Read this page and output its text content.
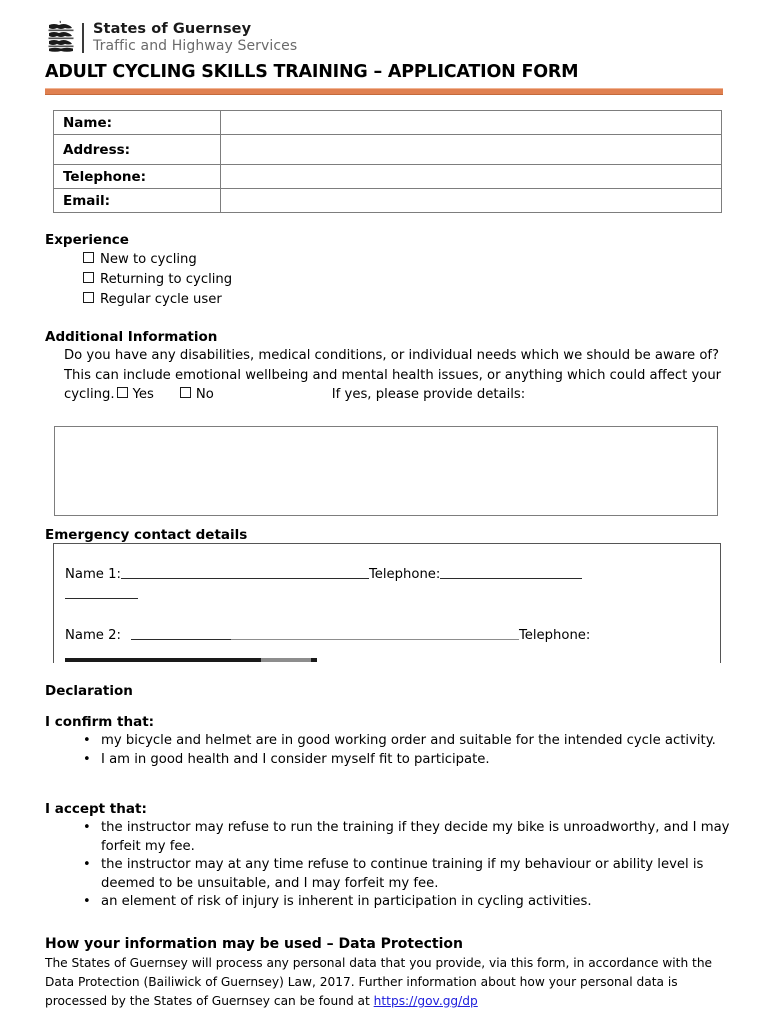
States of Guernsey
Traffic and Highway Services
ADULT CYCLING SKILLS TRAINING – APPLICATION FORM
Name:	
Address:	
Telephone:	
Email:	
Experience
New to cycling
Returning to cycling
Regular cycle user
Additional Information
Do you have any disabilities, medical conditions, or individual needs which we should be aware of? This can include emotional wellbeing and mental health issues, or anything which could affect your cycling. Yes	No	If yes, please provide details:
Emergency contact details
Name 1:	Telephone:
Name 2:	Telephone:
Declaration
I confirm that:
• my bicycle and helmet are in good working order and suitable for the intended cycle activity.
• I am in good health and I consider myself fit to participate.
I accept that:
• the instructor may refuse to run the training if they decide my bike is unroadworthy, and I may forfeit my fee.
• the instructor may at any time refuse to continue training if my behaviour or ability level is deemed to be unsuitable, and I may forfeit my fee.
• an element of risk of injury is inherent in participation in cycling activities.
How your information may be used – Data Protection
The States of Guernsey will process any personal data that you provide, via this form, in accordance with the Data Protection (Bailiwick of Guernsey) Law, 2017. Further information about how your personal data is processed by the States of Guernsey can be found at https://gov.gg/dp
